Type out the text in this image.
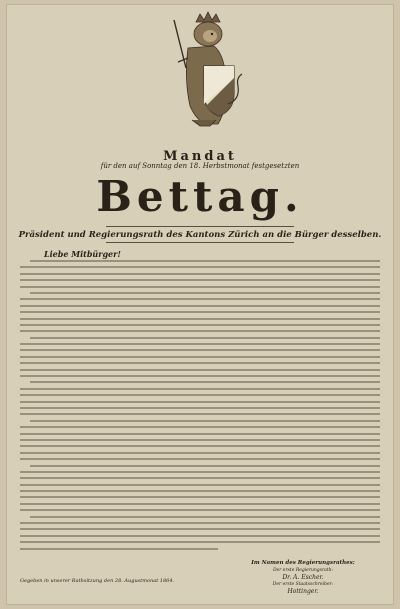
Mandat
für den auf Sonntag den 18. Herbstmonat festgesetzten
Bettag.
Präsident und Regierungsrath des Kantons Zürich an die Bürger desselben.
Liebe Mitbürger!
Im Namen des Regierungsrathes:
Der erste Regierungsrath:
Dr. A. Escher.
Der erste Staatsschreiber:
Hottinger.
Gegeben in unserer Rathsitzung den 28. Augustmonat 1864.
